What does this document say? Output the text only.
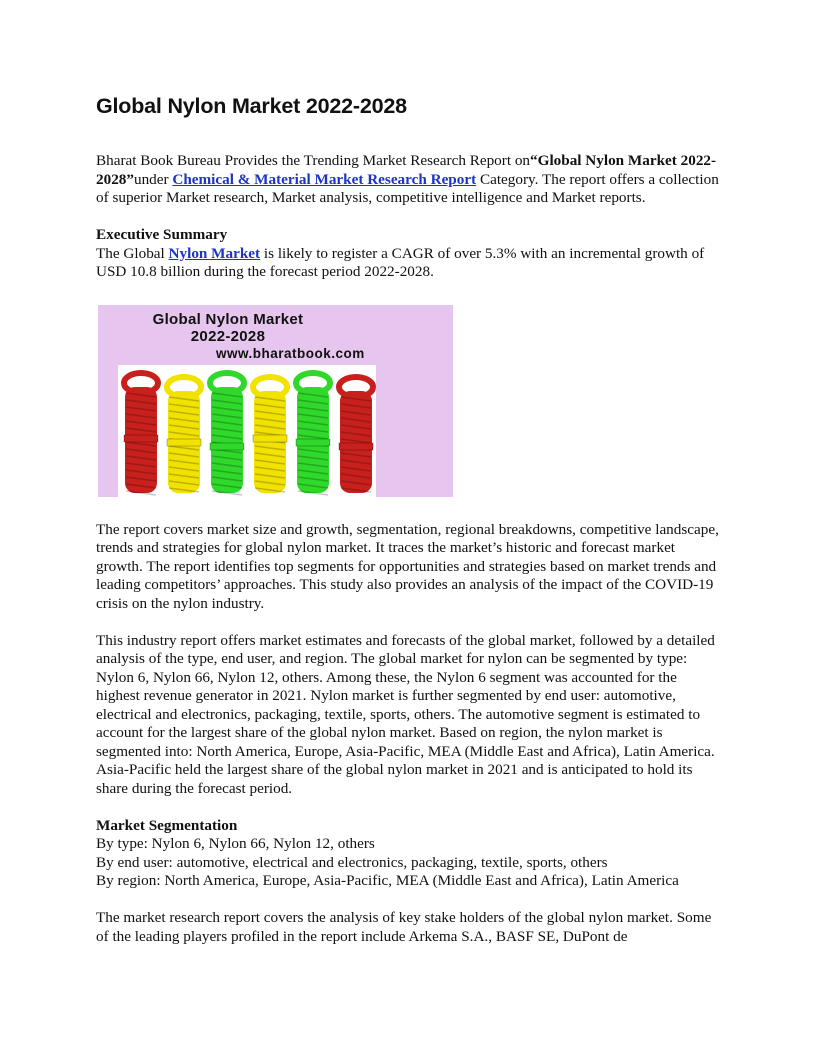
Global Nylon Market 2022-2028

Bharat Book Bureau Provides the Trending Market Research Report on“Global Nylon Market 2022-2028”under Chemical & Material Market Research Report Category. The report offers a collection of superior Market research, Market analysis, competitive intelligence and Market reports.

Executive Summary

The Global Nylon Market is likely to register a CAGR of over 5.3% with an incremental growth of USD 10.8 billion during the forecast period 2022-2028.

Global Nylon Market
2022-2028
www.bharatbook.com

The report covers market size and growth, segmentation, regional breakdowns, competitive landscape, trends and strategies for global nylon market. It traces the market’s historic and forecast market growth. The report identifies top segments for opportunities and strategies based on market trends and leading competitors’ approaches. This study also provides an analysis of the impact of the COVID-19 crisis on the nylon industry.

This industry report offers market estimates and forecasts of the global market, followed by a detailed analysis of the type, end user, and region. The global market for nylon can be segmented by type: Nylon 6, Nylon 66, Nylon 12, others. Among these, the Nylon 6 segment was accounted for the highest revenue generator in 2021. Nylon market is further segmented by end user: automotive, electrical and electronics, packaging, textile, sports, others. The automotive segment is estimated to account for the largest share of the global nylon market. Based on region, the nylon market is segmented into: North America, Europe, Asia-Pacific, MEA (Middle East and Africa), Latin America. Asia-Pacific held the largest share of the global nylon market in 2021 and is anticipated to hold its share during the forecast period.

Market Segmentation

By type: Nylon 6, Nylon 66, Nylon 12, others

By end user: automotive, electrical and electronics, packaging, textile, sports, others

By region: North America, Europe, Asia-Pacific, MEA (Middle East and Africa), Latin America

The market research report covers the analysis of key stake holders of the global nylon market. Some of the leading players profiled in the report include Arkema S.A., BASF SE, DuPont de
